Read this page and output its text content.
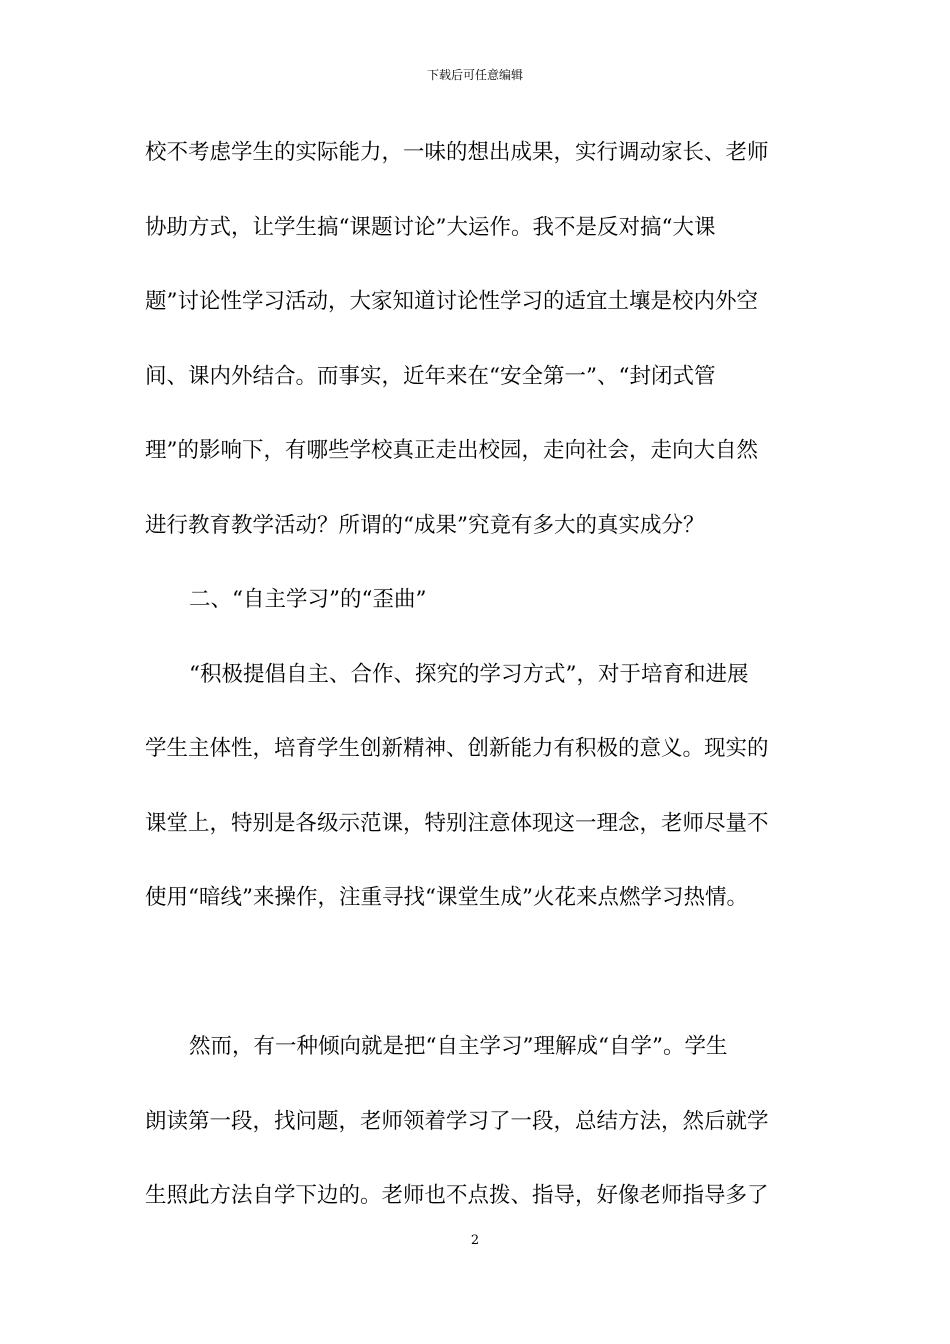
下载后可任意编辑
校不考虑学生的实际能力，一味的想出成果，实行调动家长、老师
协助方式，让学生搞“课题讨论”大运作。我不是反对搞“大课
题”讨论性学习活动，大家知道讨论性学习的适宜土壤是校内外空
间、课内外结合。而事实，近年来在“安全第一”、“封闭式管
理”的影响下，有哪些学校真正走出校园，走向社会，走向大自然
进行教育教学活动？所谓的“成果”究竟有多大的真实成分？
二、“自主学习”的“歪曲”
“积极提倡自主、合作、探究的学习方式”，对于培育和进展
学生主体性，培育学生创新精神、创新能力有积极的意义。现实的
课堂上，特别是各级示范课，特别注意体现这一理念，老师尽量不
使用“暗线”来操作，注重寻找“课堂生成”火花来点燃学习热情。
然而，有一种倾向就是把“自主学习”理解成“自学”。学生
朗读第一段，找问题，老师领着学习了一段，总结方法，然后就学
生照此方法自学下边的。老师也不点拨、指导，好像老师指导多了
2
